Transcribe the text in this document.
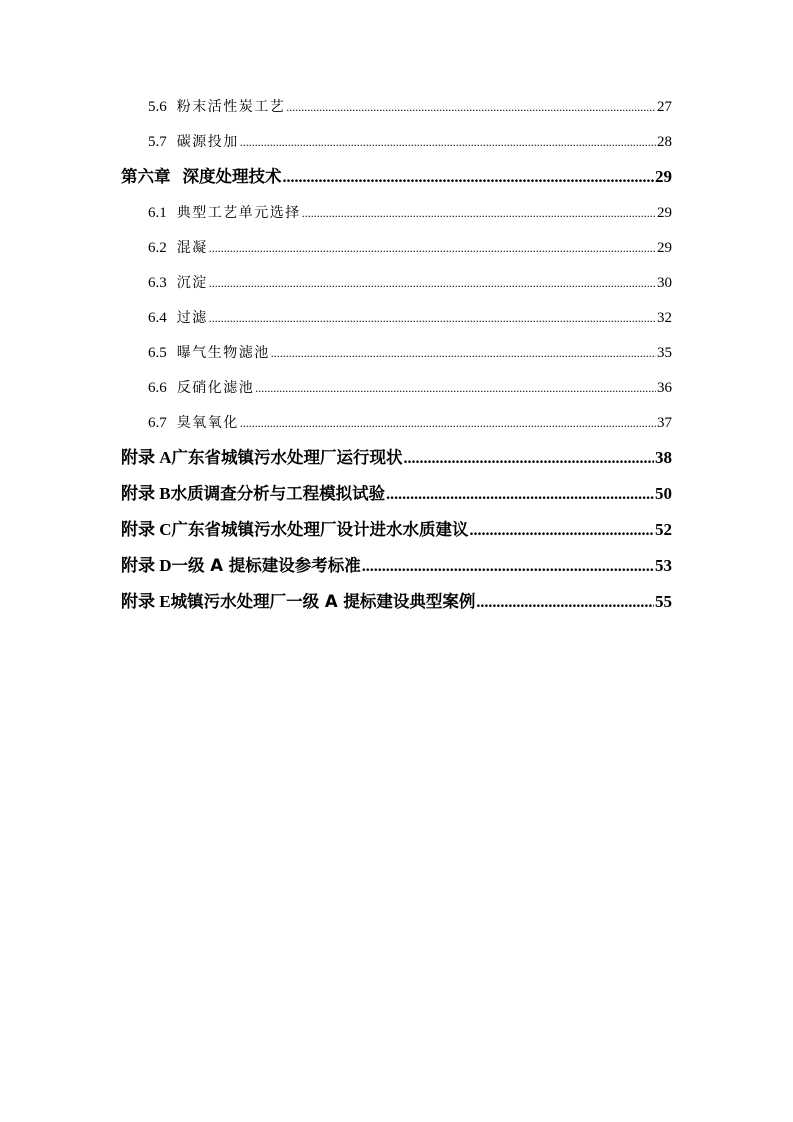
5.6 粉末活性炭工艺 .....	27
5.7 碳源投加 .....	28
第六章 深度处理技术 .....	29
6.1 典型工艺单元选择 .....	29
6.2 混凝 .....	29
6.3 沉淀 .....	30
6.4 过滤 .....	32
6.5 曝气生物滤池 .....	35
6.6 反硝化滤池 .....	36
6.7 臭氧氧化 .....	37
附录 A 广东省城镇污水处理厂运行现状 .....	38
附录 B 水质调查分析与工程模拟试验 .....	50
附录 C 广东省城镇污水处理厂设计进水水质建议 .....	52
附录 D 一级 A 提标建设参考标准 .....	53
附录 E 城镇污水处理厂一级 A 提标建设典型案例 .....	55
